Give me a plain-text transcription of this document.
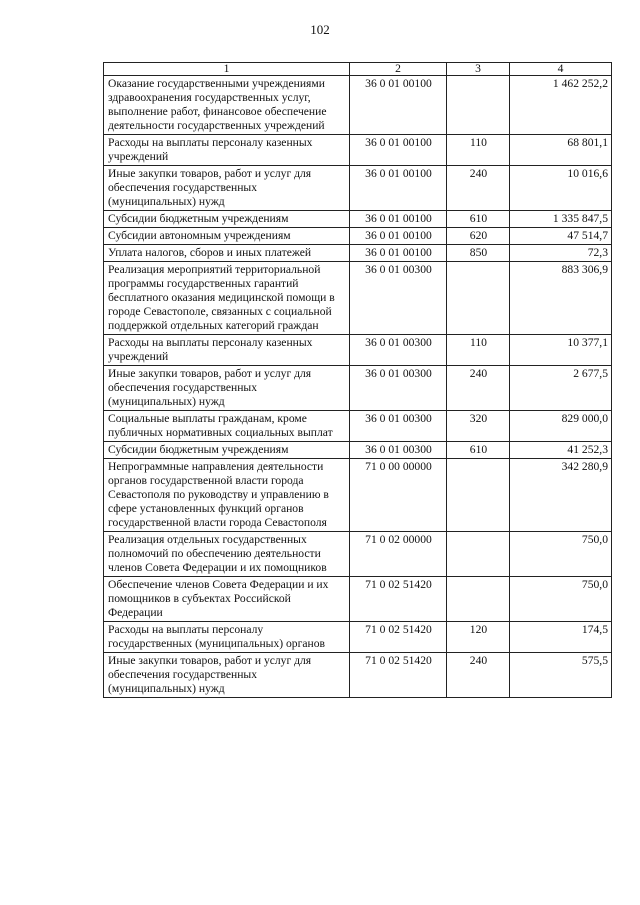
102
1	2	3	4
Оказание государственными учреждениями здравоохранения государственных услуг, выполнение работ, финансовое обеспечение деятельности государственных учреждений	36 0 01 00100		1 462 252,2
Расходы на выплаты персоналу казенных учреждений	36 0 01 00100	110	68 801,1
Иные закупки товаров, работ и услуг для обеспечения государственных (муниципальных) нужд	36 0 01 00100	240	10 016,6
Субсидии бюджетным учреждениям	36 0 01 00100	610	1 335 847,5
Субсидии автономным учреждениям	36 0 01 00100	620	47 514,7
Уплата налогов, сборов и иных платежей	36 0 01 00100	850	72,3
Реализация мероприятий территориальной программы государственных гарантий бесплатного оказания медицинской помощи в городе Севастополе, связанных с социальной поддержкой отдельных категорий граждан	36 0 01 00300		883 306,9
Расходы на выплаты персоналу казенных учреждений	36 0 01 00300	110	10 377,1
Иные закупки товаров, работ и услуг для обеспечения государственных (муниципальных) нужд	36 0 01 00300	240	2 677,5
Социальные выплаты гражданам, кроме публичных нормативных социальных выплат	36 0 01 00300	320	829 000,0
Субсидии бюджетным учреждениям	36 0 01 00300	610	41 252,3
Непрограммные направления деятельности органов государственной власти города Севастополя по руководству и управлению в сфере установленных функций органов государственной власти города Севастополя	71 0 00 00000		342 280,9
Реализация отдельных государственных полномочий по обеспечению деятельности членов Совета Федерации и их помощников	71 0 02 00000		750,0
Обеспечение членов Совета Федерации и их помощников в субъектах Российской Федерации	71 0 02 51420		750,0
Расходы на выплаты персоналу государственных (муниципальных) органов	71 0 02 51420	120	174,5
Иные закупки товаров, работ и услуг для обеспечения государственных (муниципальных) нужд	71 0 02 51420	240	575,5
